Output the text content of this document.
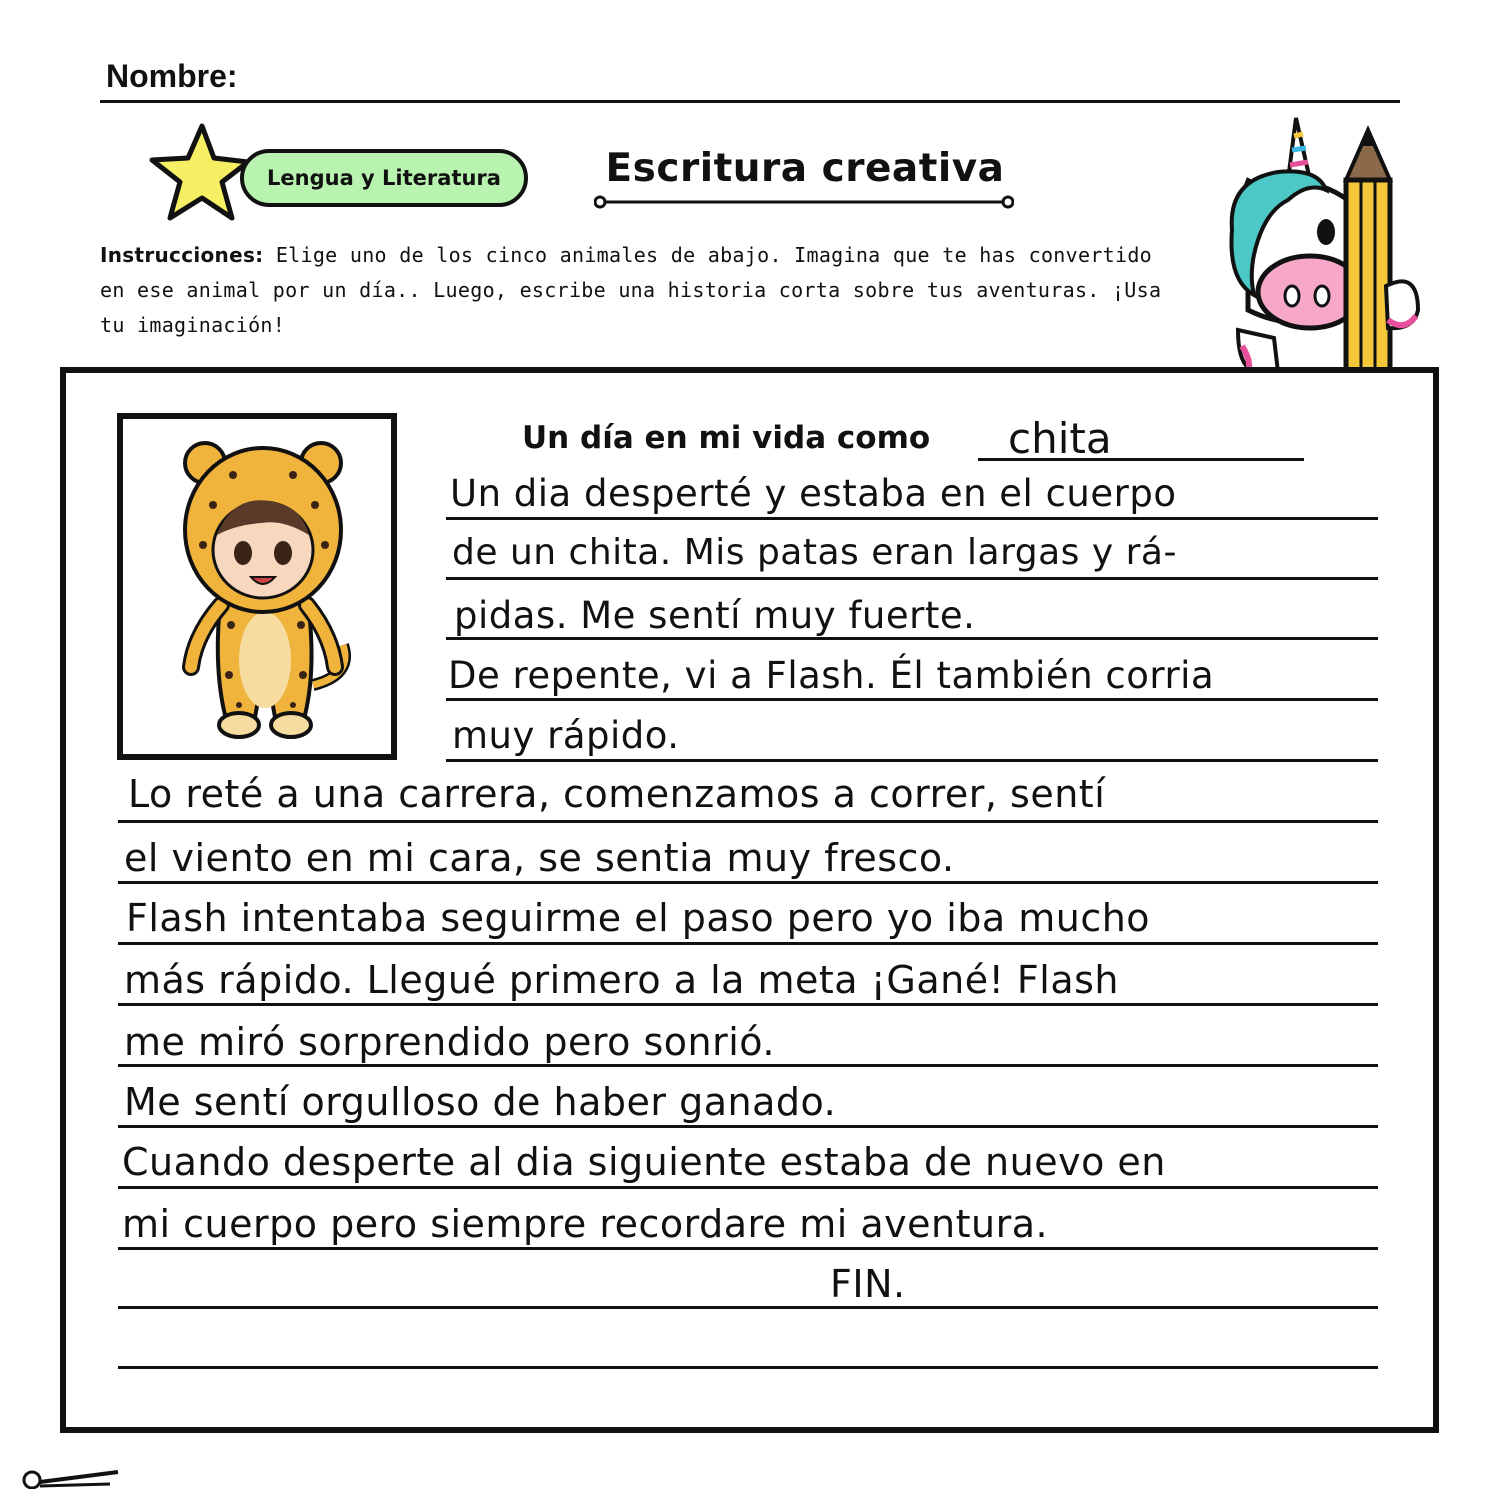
Nombre:
Lengua y Literatura	Escritura creativa
Instrucciones: Elige uno de los cinco animales de abajo. Imagina que te has convertido en ese animal por un día.. Luego, escribe una historia corta sobre tus aventuras. ¡Usa tu imaginación!
Un día en mi vida como chita
Un dia desperté y estaba en el cuerpo
de un chita. Mis patas eran largas y rá-
pidas. Me sentí muy fuerte.
De repente, vi a Flash. Él también corria
muy rápido.
Lo reté a una carrera, comenzamos a correr, sentí
el viento en mi cara, se sentia muy fresco.
Flash intentaba seguirme el paso pero yo iba mucho
más rápido. Llegué primero a la meta ¡Gané! Flash
me miró sorprendido pero sonrió.
Me sentí orgulloso de haber ganado.
Cuando desperte al dia siguiente estaba de nuevo en
mi cuerpo pero siempre recordare mi aventura.
FIN.
